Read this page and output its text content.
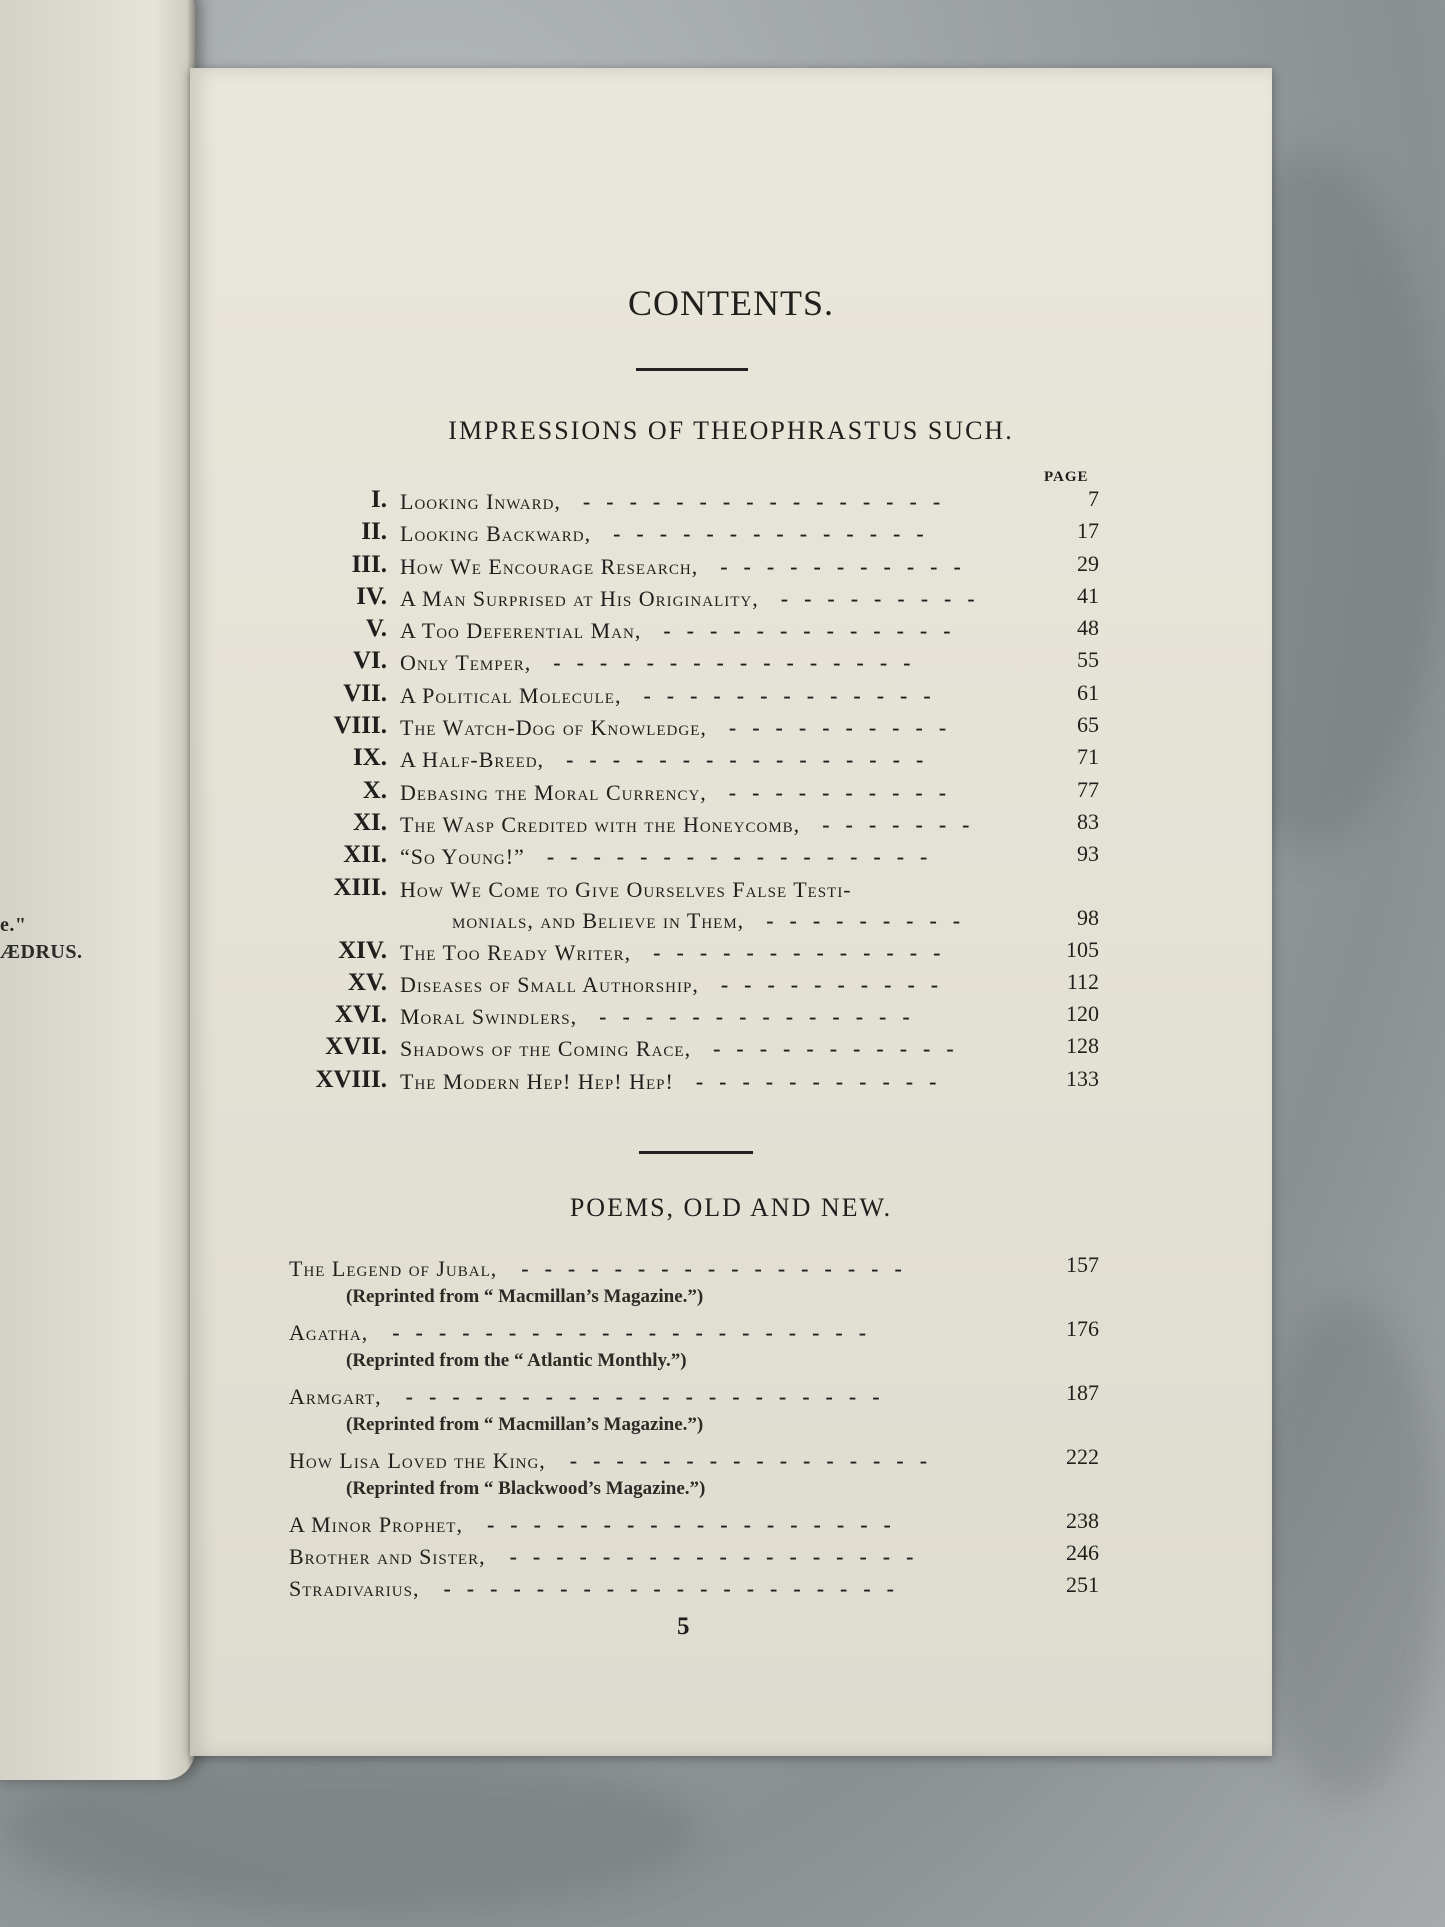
e."
ÆDRUS.
CONTENTS.
IMPRESSIONS OF THEOPHRASTUS SUCH.
PAGE
I. Looking Inward,	7
----------------
II. Looking Backward,	17
--------------
III. How We Encourage Research,	29
-----------
IV. A Man Surprised at His Originality,	41
---------
V. A Too Deferential Man,	48
-------------
VI. Only Temper,	55
----------------
VII. A Political Molecule,	61
-------------
VIII. The Watch-Dog of Knowledge,	65
----------
IX. A Half-Breed,	71
----------------
X. Debasing the Moral Currency,	77
----------
XI. The Wasp Credited with the Honeycomb,	83
-------
XII. “So Young!”	93
-----------------
XIII. How We Come to Give Ourselves False Testi-
monials, and Believe in Them,	98
---------
XIV. The Too Ready Writer,	105
-------------
XV. Diseases of Small Authorship,	112
----------
XVI. Moral Swindlers,	120
--------------
XVII. Shadows of the Coming Race,	128
-----------
XVIII. The Modern Hep! Hep! Hep!	133
-----------
POEMS, OLD AND NEW.
The Legend of Jubal,	157
(Reprinted from “ Macmillan’s Magazine.”)
-----------------
Agatha,	176
(Reprinted from the “ Atlantic Monthly.”)
---------------------
Armgart,	187
(Reprinted from “ Macmillan’s Magazine.”)
---------------------
How Lisa Loved the King,	222
(Reprinted from “ Blackwood’s Magazine.”)
----------------
A Minor Prophet,	238
------------------
Brother and Sister,	246
------------------
Stradivarius,	251
--------------------
5
